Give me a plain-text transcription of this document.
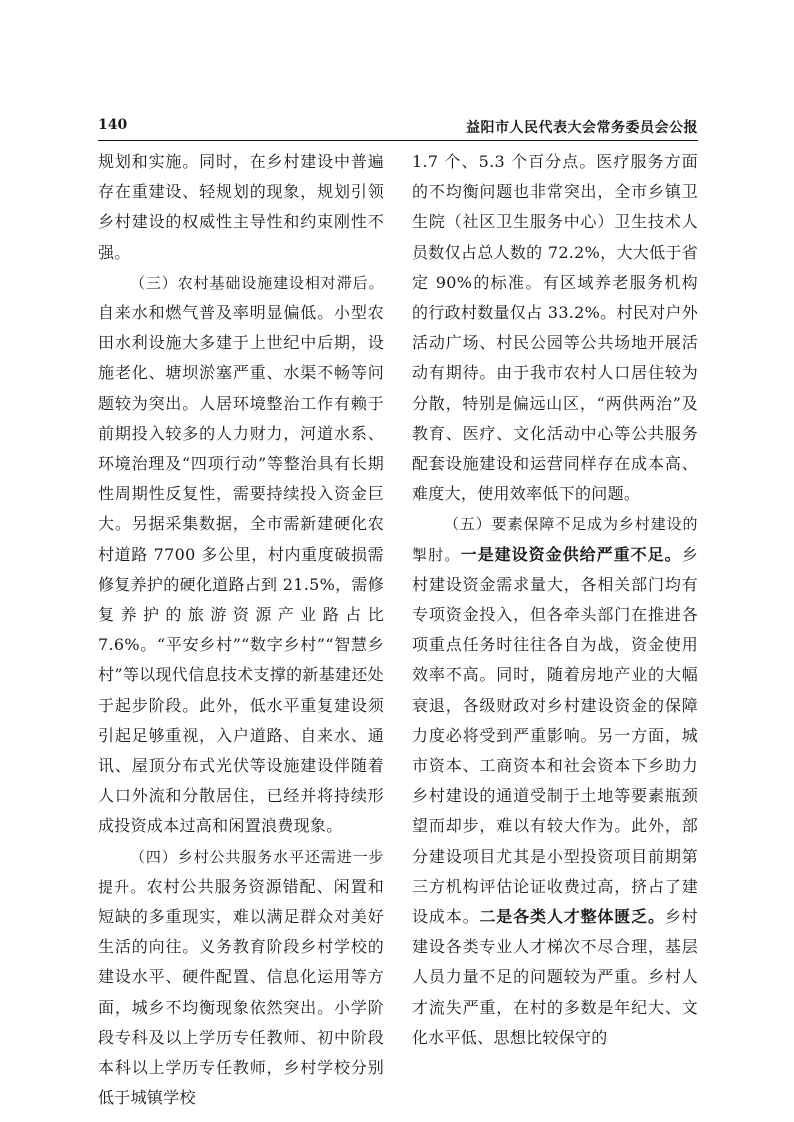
140	益阳市人民代表大会常务委员会公报

规划和实施。同时，在乡村建设中普遍存在重建设、轻规划的现象，规划引领乡村建设的权威性主导性和约束刚性不强。

（三）农村基础设施建设相对滞后。自来水和燃气普及率明显偏低。小型农田水利设施大多建于上世纪中后期，设施老化、塘坝淤塞严重、水渠不畅等问题较为突出。人居环境整治工作有赖于前期投入较多的人力财力，河道水系、环境治理及“四项行动”等整治具有长期性周期性反复性，需要持续投入资金巨大。另据采集数据，全市需新建硬化农村道路 7700 多公里，村内重度破损需修复养护的硬化道路占到 21.5%，需修复养护的旅游资源产业路占比 7.6%。“平安乡村”“数字乡村”“智慧乡村”等以现代信息技术支撑的新基建还处于起步阶段。此外，低水平重复建设须引起足够重视，入户道路、自来水、通讯、屋顶分布式光伏等设施建设伴随着人口外流和分散居住，已经并将持续形成投资成本过高和闲置浪费现象。

（四）乡村公共服务水平还需进一步提升。农村公共服务资源错配、闲置和短缺的多重现实，难以满足群众对美好生活的向往。义务教育阶段乡村学校的建设水平、硬件配置、信息化运用等方面，城乡不均衡现象依然突出。小学阶段专科及以上学历专任教师、初中阶段本科以上学历专任教师，乡村学校分别低于城镇学校

1.7 个、5.3 个百分点。医疗服务方面的不均衡问题也非常突出，全市乡镇卫生院（社区卫生服务中心）卫生技术人员数仅占总人数的 72.2%，大大低于省定 90%的标准。有区域养老服务机构的行政村数量仅占 33.2%。村民对户外活动广场、村民公园等公共场地开展活动有期待。由于我市农村人口居住较为分散，特别是偏远山区，“两供两治”及教育、医疗、文化活动中心等公共服务配套设施建设和运营同样存在成本高、难度大，使用效率低下的问题。

（五）要素保障不足成为乡村建设的掣肘。一是建设资金供给严重不足。乡村建设资金需求量大，各相关部门均有专项资金投入，但各牵头部门在推进各项重点任务时往往各自为战，资金使用效率不高。同时，随着房地产业的大幅衰退，各级财政对乡村建设资金的保障力度必将受到严重影响。另一方面，城市资本、工商资本和社会资本下乡助力乡村建设的通道受制于土地等要素瓶颈望而却步，难以有较大作为。此外，部分建设项目尤其是小型投资项目前期第三方机构评估论证收费过高，挤占了建设成本。二是各类人才整体匮乏。乡村建设各类专业人才梯次不尽合理，基层人员力量不足的问题较为严重。乡村人才流失严重，在村的多数是年纪大、文化水平低、思想比较保守的
